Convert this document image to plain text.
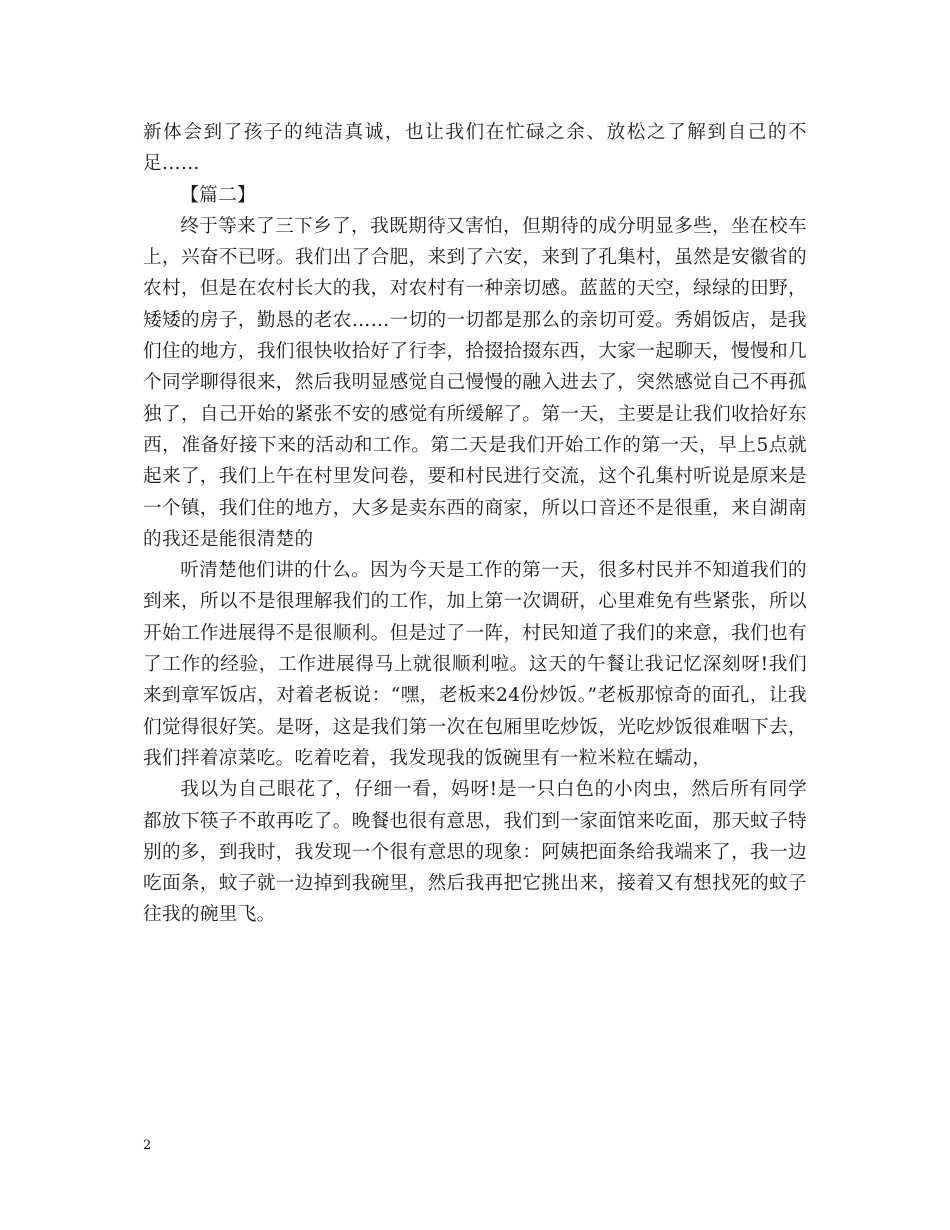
新体会到了孩子的纯洁真诚，也让我们在忙碌之余、放松之了解到自己的不足……

【篇二】

终于等来了三下乡了，我既期待又害怕，但期待的成分明显多些，坐在校车上，兴奋不已呀。我们出了合肥，来到了六安，来到了孔集村，虽然是安徽省的农村，但是在农村长大的我，对农村有一种亲切感。蓝蓝的天空，绿绿的田野，矮矮的房子，勤恳的老农……一切的一切都是那么的亲切可爱。秀娟饭店，是我们住的地方，我们很快收拾好了行李，拾掇拾掇东西，大家一起聊天，慢慢和几个同学聊得很来，然后我明显感觉自己慢慢的融入进去了，突然感觉自己不再孤独了，自己开始的紧张不安的感觉有所缓解了。第一天，主要是让我们收拾好东西，准备好接下来的活动和工作。第二天是我们开始工作的第一天，早上5点就起来了，我们上午在村里发问卷，要和村民进行交流，这个孔集村听说是原来是一个镇，我们住的地方，大多是卖东西的商家，所以口音还不是很重，来自湖南的我还是能很清楚的

听清楚他们讲的什么。因为今天是工作的第一天，很多村民并不知道我们的到来，所以不是很理解我们的工作，加上第一次调研，心里难免有些紧张，所以开始工作进展得不是很顺利。但是过了一阵，村民知道了我们的来意，我们也有了工作的经验，工作进展得马上就很顺利啦。这天的午餐让我记忆深刻呀!我们来到章军饭店，对着老板说：“嘿，老板来24份炒饭。”老板那惊奇的面孔，让我们觉得很好笑。是呀，这是我们第一次在包厢里吃炒饭，光吃炒饭很难咽下去，我们拌着凉菜吃。吃着吃着，我发现我的饭碗里有一粒米粒在蠕动，

我以为自己眼花了，仔细一看，妈呀!是一只白色的小肉虫，然后所有同学都放下筷子不敢再吃了。晚餐也很有意思，我们到一家面馆来吃面，那天蚊子特别的多，到我时，我发现一个很有意思的现象：阿姨把面条给我端来了，我一边吃面条，蚊子就一边掉到我碗里，然后我再把它挑出来，接着又有想找死的蚊子往我的碗里飞。

2
